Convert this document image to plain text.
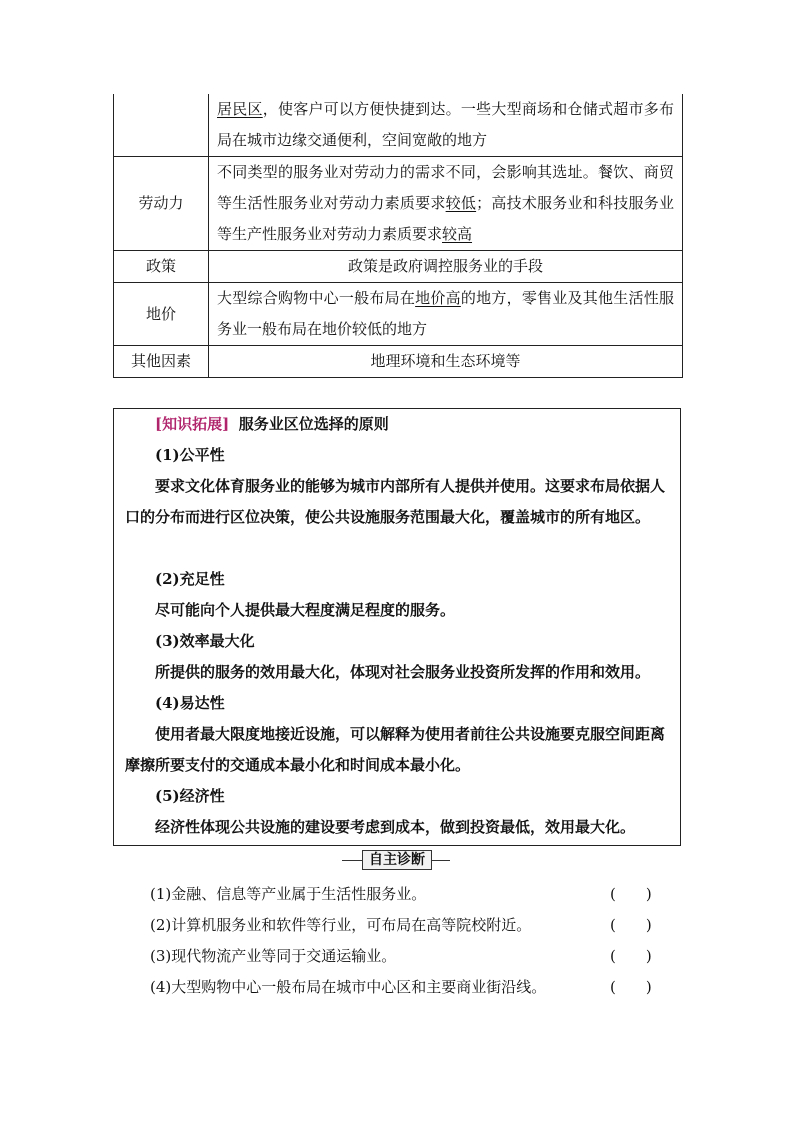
	居民区，使客户可以方便快捷到达。一些大型商场和仓储式超市多布局在城市边缘交通便利，空间宽敞的地方
劳动力	不同类型的服务业对劳动力的需求不同，会影响其选址。餐饮、商贸等生活性服务业对劳动力素质要求较低；高技术服务业和科技服务业等生产性服务业对劳动力素质要求较高
政策	政策是政府调控服务业的手段
地价	大型综合购物中心一般布局在地价高的地方，零售业及其他生活性服务业一般布局在地价较低的地方
其他因素	地理环境和生态环境等

[知识拓展] 服务业区位选择的原则

(1)公平性

要求文化体育服务业的能够为城市内部所有人提供并使用。这要求布局依据人口的分布而进行区位决策，使公共设施服务范围最大化，覆盖城市的所有地区。

(2)充足性

尽可能向个人提供最大程度满足程度的服务。

(3)效率最大化

所提供的服务的效用最大化，体现对社会服务业投资所发挥的作用和效用。

(4)易达性

使用者最大限度地接近设施，可以解释为使用者前往公共设施要克服空间距离摩擦所要支付的交通成本最小化和时间成本最小化。

(5)经济性

经济性体现公共设施的建设要考虑到成本，做到投资最低，效用最大化。

自主诊断
(1)金融、信息等产业属于生活性服务业。	(　　)
(2)计算机服务业和软件等行业，可布局在高等院校附近。	(　　)
(3)现代物流产业等同于交通运输业。	(　　)
(4)大型购物中心一般布局在城市中心区和主要商业街沿线。	(　　)
